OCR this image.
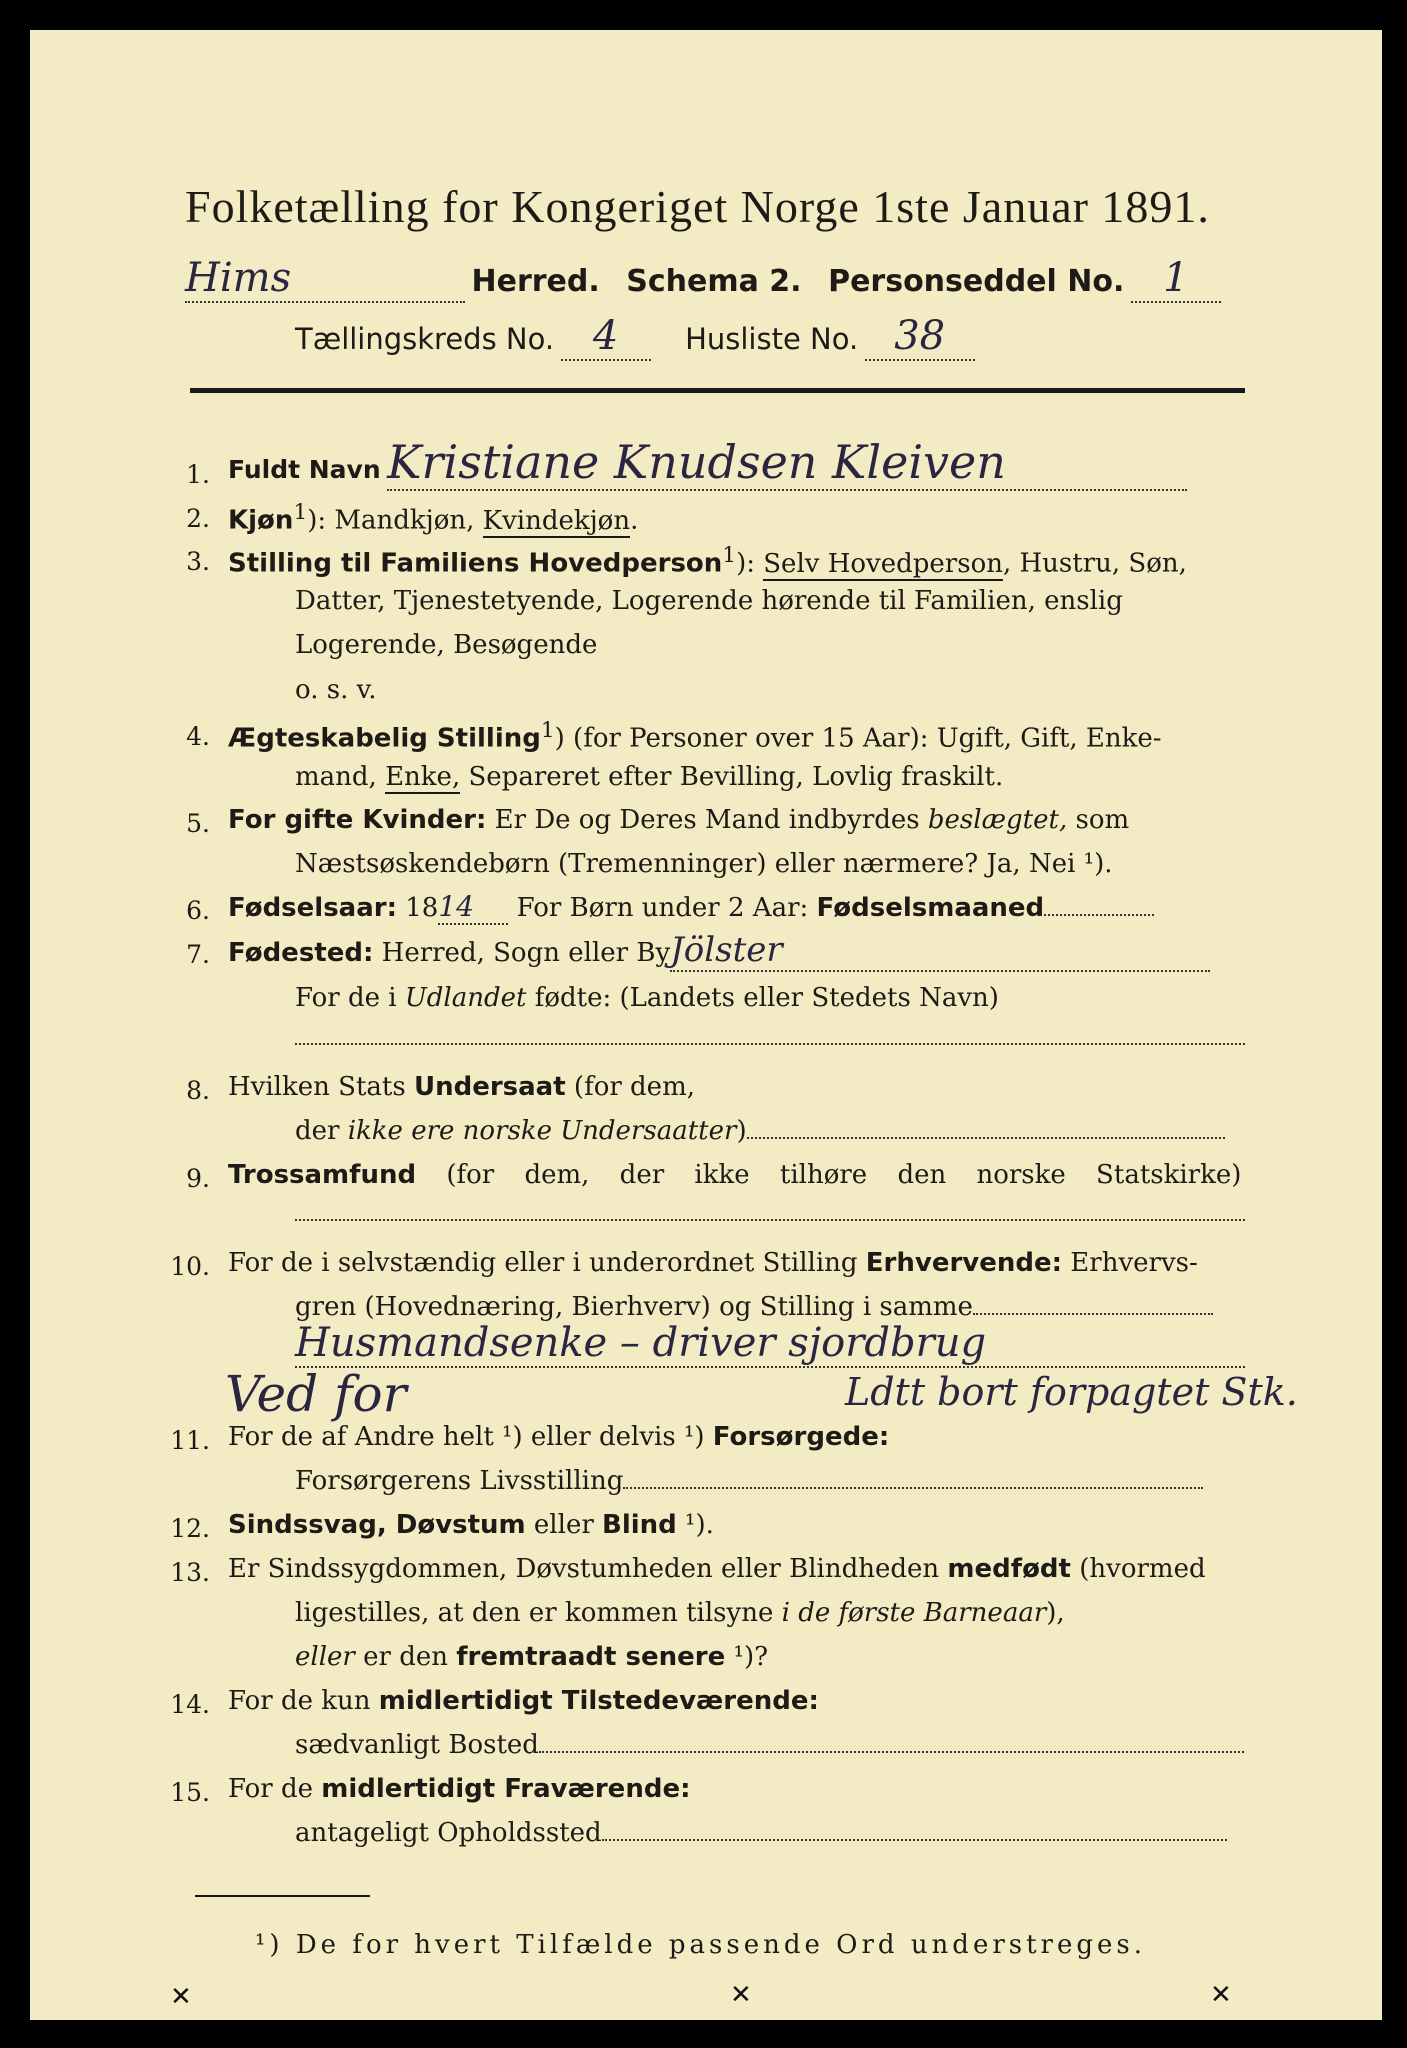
Folketælling for Kongeriget Norge 1ste Januar 1891.
Hims	Herred. Schema 2. Personseddel No. 1
Tællingskreds No. 4 Husliste No. 38
1. Fuldt Navn Kristiane Knudsen Kleiven
2. Kjøn$^1$): Mandkjøn, Kvindekjøn.
3. Stilling til Familiens Hovedperson$^1$): Selv Hovedperson, Hustru, Søn,
Datter, Tjenestetyende, Logerende hørende til Familien, enslig
Logerende, Besøgende
o. s. v.
4. Ægteskabelig Stilling$^1$) (for Personer over 15 Aar): Ugift, Gift, Enke-
mand, Enke, Separeret efter Bevilling, Lovlig fraskilt.
5. For gifte Kvinder: Er De og Deres Mand indbyrdes beslægtet, som
Næstsøskendebørn (Tremenninger) eller nærmere? Ja, Nei ¹).
6. Fødselsaar: 1814 For Børn under 2 Aar: Fødselsmaaned
7. Fødested: Herred, Sogn eller ByJölster
For de i Udlandet fødte: (Landets eller Stedets Navn)
8. Hvilken Stats Undersaat (for dem,
der ikke ere norske Undersaatter)
9. Trossamfund (for dem, der ikke tilhøre den norske Statskirke)
10. For de i selvstændig eller i underordnet Stilling Erhvervende: Erhvervs-
gren (Hovednæring, Bierhverv) og Stilling i samme
Husmandsenke – driver sjordbrug
Ved for	Ldtt bort forpagtet Stk.
11. For de af Andre helt ¹) eller delvis ¹) Forsørgede:
Forsørgerens Livsstilling
12. Sindssvag, Døvstum eller Blind ¹).
13. Er Sindssygdommen, Døvstumheden eller Blindheden medfødt (hvormed
ligestilles, at den er kommen tilsyne i de første Barneaar),
eller er den fremtraadt senere ¹)?
14. For de kun midlertidigt Tilstedeværende:
sædvanligt Bosted
15. For de midlertidigt Fraværende:
antageligt Opholdssted
¹) De for hvert Tilfælde passende Ord understreges.
✕	✕	✕
